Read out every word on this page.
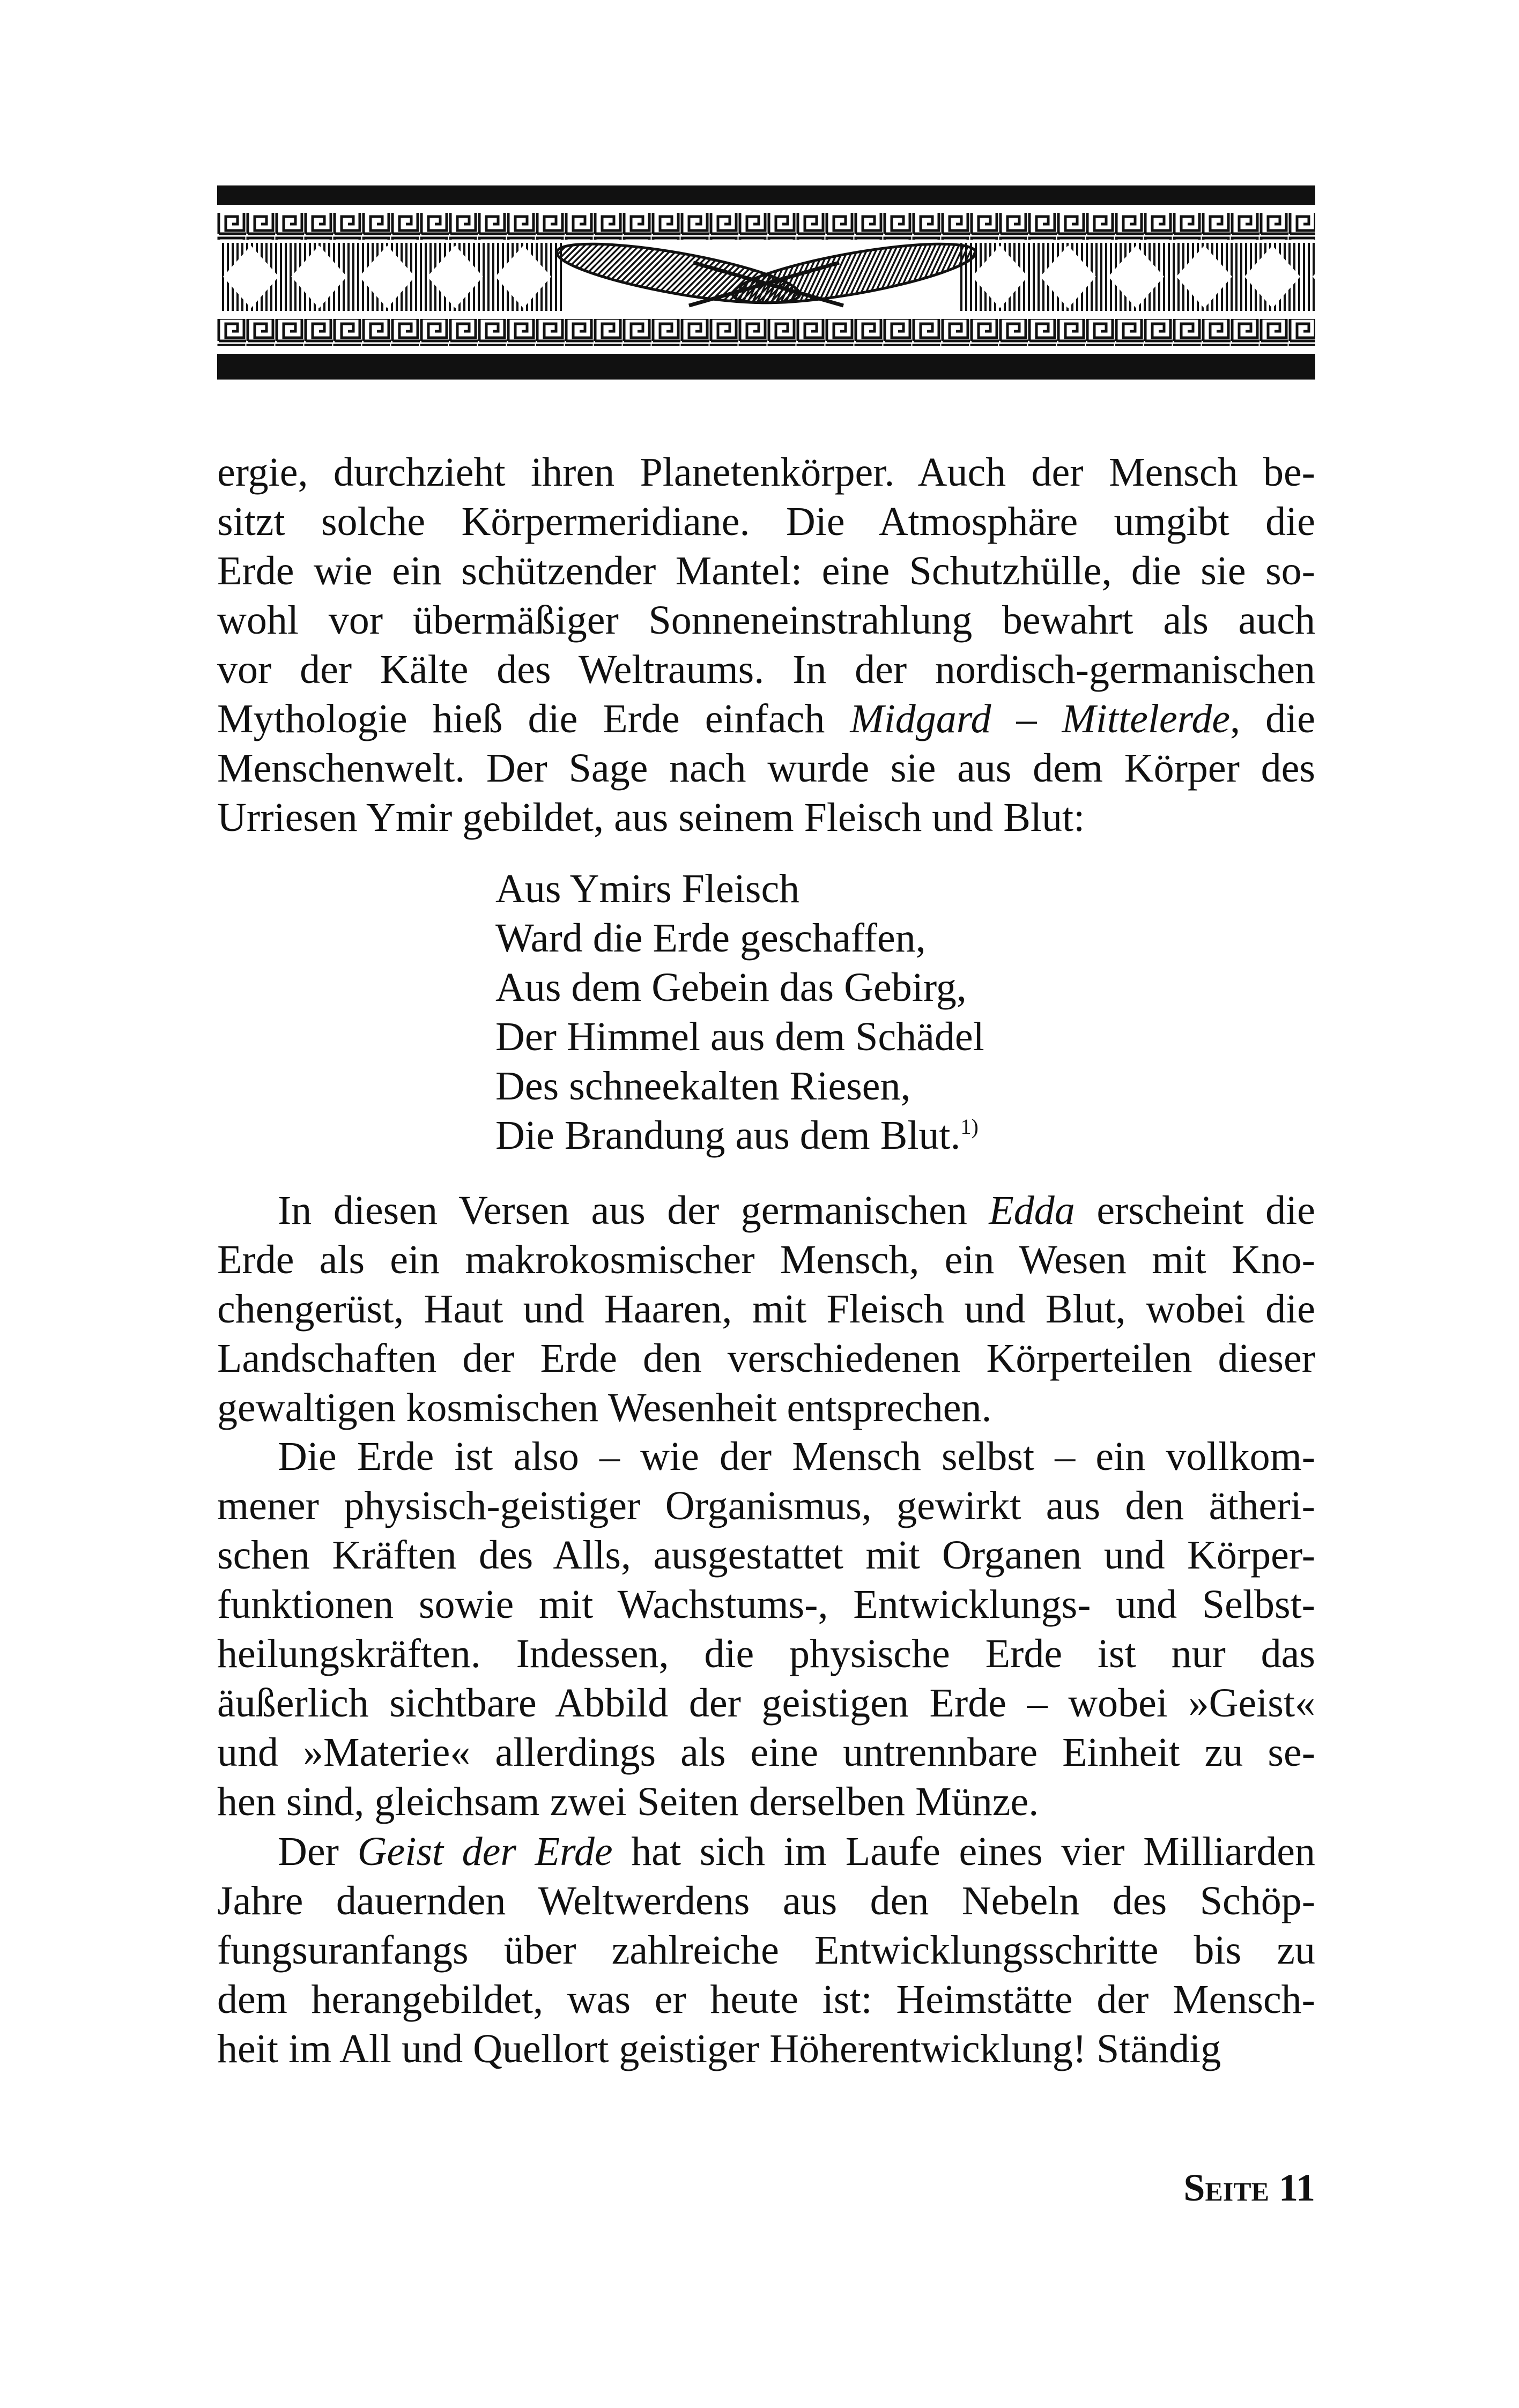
ergie, durchzieht ihren Planetenkörper. Auch der Mensch be-
sitzt solche Körpermeridiane. Die Atmosphäre umgibt die
Erde wie ein schützender Mantel: eine Schutzhülle, die sie so-
wohl vor übermäßiger Sonneneinstrahlung bewahrt als auch
vor der Kälte des Weltraums. In der nordisch-germanischen
Mythologie hieß die Erde einfach Midgard – Mittelerde, die
Menschenwelt. Der Sage nach wurde sie aus dem Körper des
Urriesen Ymir gebildet, aus seinem Fleisch und Blut:
Aus Ymirs Fleisch
Ward die Erde geschaffen,
Aus dem Gebein das Gebirg,
Der Himmel aus dem Schädel
Des schneekalten Riesen,
Die Brandung aus dem Blut.$^{1)}$
In diesen Versen aus der germanischen Edda erscheint die
Erde als ein makrokosmischer Mensch, ein Wesen mit Kno-
chengerüst, Haut und Haaren, mit Fleisch und Blut, wobei die
Landschaften der Erde den verschiedenen Körperteilen dieser
gewaltigen kosmischen Wesenheit entsprechen.
Die Erde ist also – wie der Mensch selbst – ein vollkom-
mener physisch-geistiger Organismus, gewirkt aus den ätheri-
schen Kräften des Alls, ausgestattet mit Organen und Körper-
funktionen sowie mit Wachstums-, Entwicklungs- und Selbst-
heilungskräften. Indessen, die physische Erde ist nur das
äußerlich sichtbare Abbild der geistigen Erde – wobei »Geist«
und »Materie« allerdings als eine untrennbare Einheit zu se-
hen sind, gleichsam zwei Seiten derselben Münze.
Der Geist der Erde hat sich im Laufe eines vier Milliarden
Jahre dauernden Weltwerdens aus den Nebeln des Schöp-
fungsuranfangs über zahlreiche Entwicklungsschritte bis zu
dem herangebildet, was er heute ist: Heimstätte der Mensch-
heit im All und Quellort geistiger Höherentwicklung! Ständig
Seite 11
